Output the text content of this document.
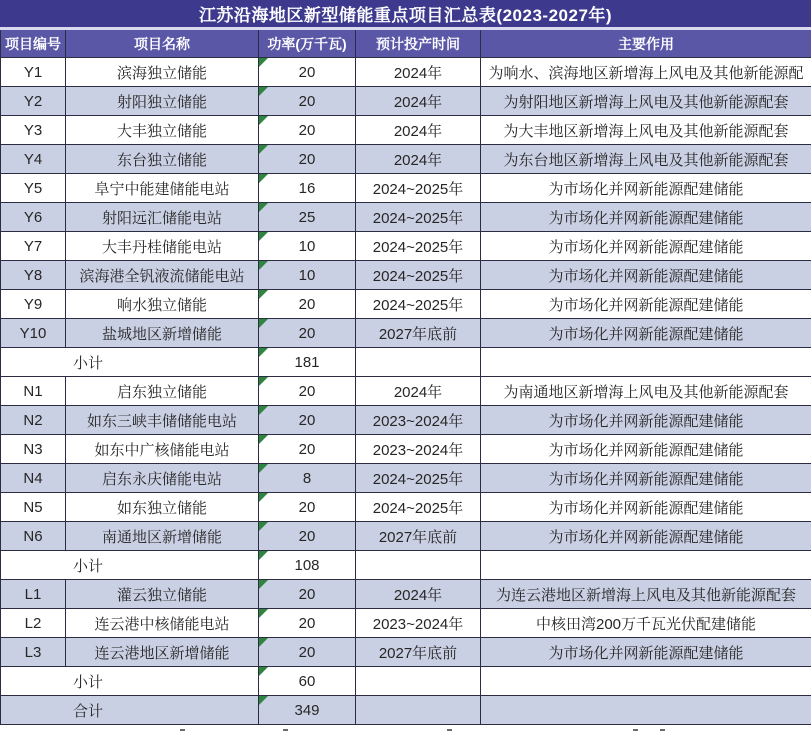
江苏沿海地区新型储能重点项目汇总表(2023-2027年)
项目编号	项目名称	功率(万千瓦) 预计投产时间	主要作用
Y1	滨海独立储能	20	2024年	为响水、滨海地区新增海上风电及其他新能源配
Y2	射阳独立储能	20	2024年	为射阳地区新增海上风电及其他新能源配套
Y3	大丰独立储能	20	2024年	为大丰地区新增海上风电及其他新能源配套
Y4	东台独立储能	20	2024年	为东台地区新增海上风电及其他新能源配套
Y5	阜宁中能建储能电站	16	2024~2025年	为市场化并网新能源配建储能
Y6	射阳远汇储能电站	25	2024~2025年	为市场化并网新能源配建储能
Y7	大丰丹桂储能电站	10	2024~2025年	为市场化并网新能源配建储能
Y8 滨海港全钒液流储能电站	10	2024~2025年	为市场化并网新能源配建储能
Y9	响水独立储能	20	2024~2025年	为市场化并网新能源配建储能
Y10	盐城地区新增储能	20	2027年底前	为市场化并网新能源配建储能
小计	181
N1	启东独立储能	20	2024年	为南通地区新增海上风电及其他新能源配套
N2	如东三峡丰储储能电站	20	2023~2024年	为市场化并网新能源配建储能
N3	如东中广核储能电站	20	2023~2024年	为市场化并网新能源配建储能
N4	启东永庆储能电站	8	2024~2025年	为市场化并网新能源配建储能
N5	如东独立储能	20	2024~2025年	为市场化并网新能源配建储能
N6	南通地区新增储能	20	2027年底前	为市场化并网新能源配建储能
小计	108
L1	灌云独立储能	20	2024年	为连云港地区新增海上风电及其他新能源配套
L2	连云港中核储能电站	20	2023~2024年	中核田湾200万千瓦光伏配建储能
L3	连云港地区新增储能	20	2027年底前	为市场化并网新能源配建储能
小计	60
合计	349
